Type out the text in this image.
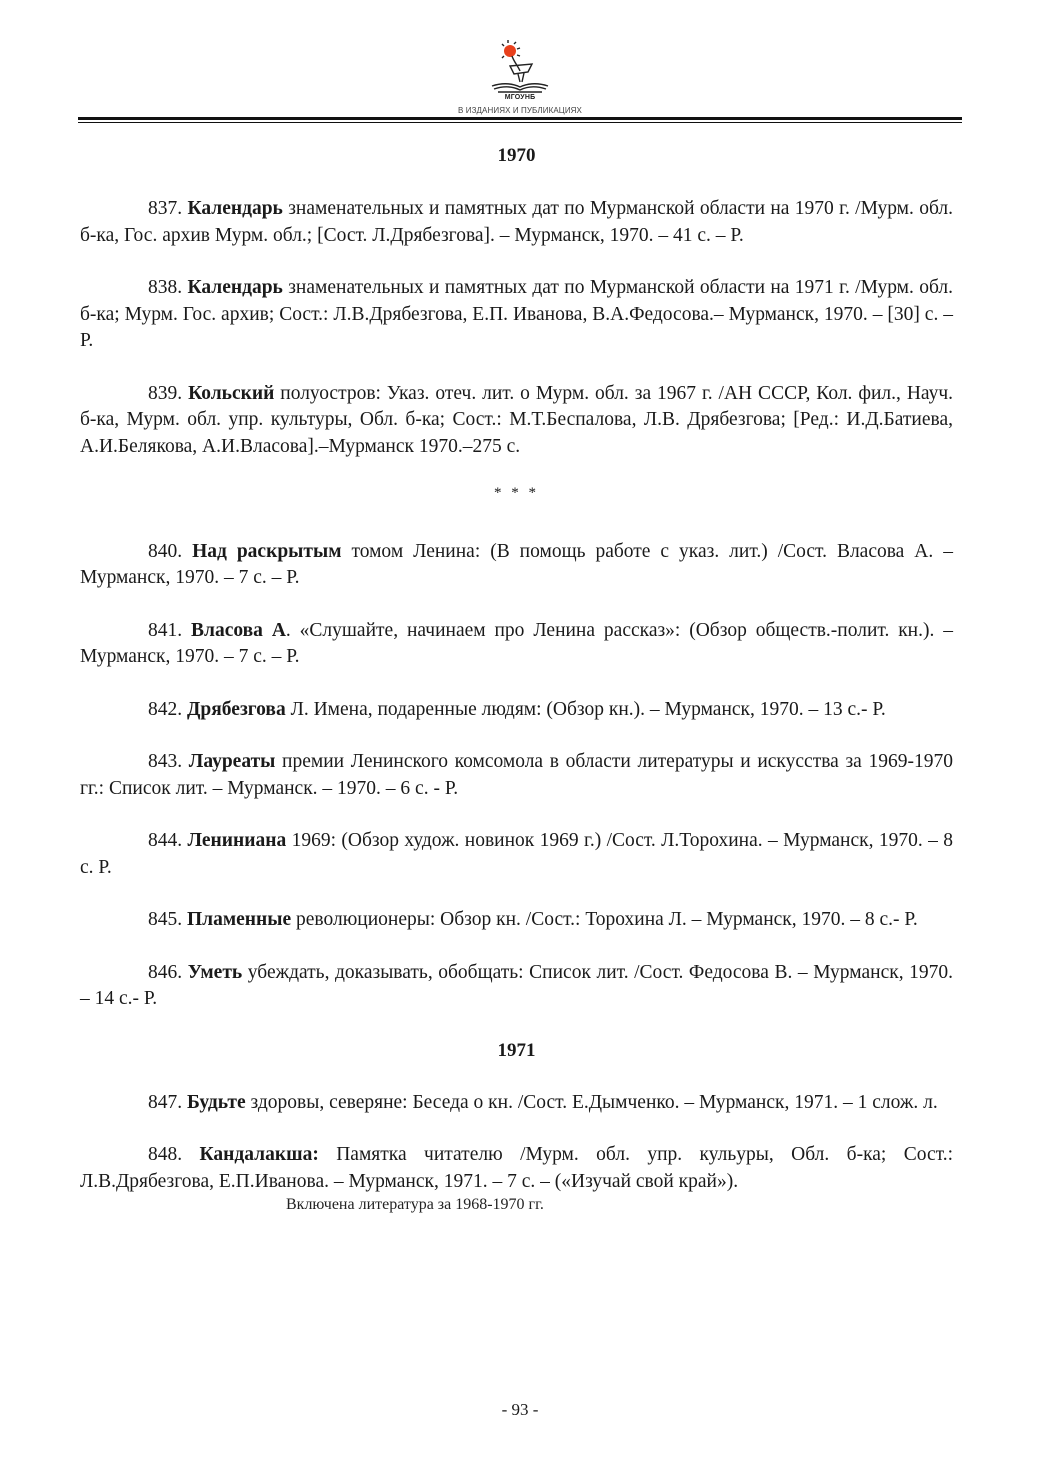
МГОУНБ
В ИЗДАНИЯХ И ПУБЛИКАЦИЯХ

1970

837. Календарь знаменательных и памятных дат по Мурманской области на 1970 г. /Мурм. обл. б-ка, Гос. архив Мурм. обл.; [Сост. Л.Дрябезгова]. – Мурманск, 1970. – 41 с. – Р.

838. Календарь знаменательных и памятных дат по Мурманской области на 1971 г. /Мурм. обл. б-ка; Мурм. Гос. архив; Сост.: Л.В.Дрябезгова, Е.П. Иванова, В.А.Федосова.– Мурманск, 1970. – [30] с. – Р.

839. Кольский полуостров: Указ. отеч. лит. о Мурм. обл. за 1967 г. /АН СССР, Кол. фил., Науч. б-ка, Мурм. обл. упр. культуры, Обл. б-ка; Сост.: М.Т.Беспалова, Л.В. Дрябезгова; [Ред.: И.Д.Батиева, А.И.Белякова, А.И.Власова].–Мурманск 1970.–275 с.

* * *

840. Над раскрытым томом Ленина: (В помощь работе с указ. лит.) /Сост. Власова А. – Мурманск, 1970. – 7 с. – Р.

841. Власова А. «Слушайте, начинаем про Ленина рассказ»: (Обзор обществ.-полит. кн.). – Мурманск, 1970. – 7 с. – Р.

842. Дрябезгова Л. Имена, подаренные людям: (Обзор кн.). – Мурманск, 1970. – 13 с.- Р.

843. Лауреаты премии Ленинского комсомола в области литературы и искусства за 1969-1970 гг.: Список лит. – Мурманск. – 1970. – 6 с. - Р.

844. Лениниана 1969: (Обзор худож. новинок 1969 г.) /Сост. Л.Торохина. – Мурманск, 1970. – 8 с. Р.

845. Пламенные революционеры: Обзор кн. /Сост.: Торохина Л. – Мурманск, 1970. – 8 с.- Р.

846. Уметь убеждать, доказывать, обобщать: Список лит. /Сост. Федосова В. – Мурманск, 1970. – 14 с.- Р.

1971

847. Будьте здоровы, северяне: Беседа о кн. /Сост. Е.Дымченко. – Мурманск, 1971. – 1 слож. л.

848. Кандалакша: Памятка читателю /Мурм. обл. упр. кульуры, Обл. б-ка; Сост.: Л.В.Дрябезгова, Е.П.Иванова. – Мурманск, 1971. – 7 с. – («Изучай свой край»).

Включена литература за 1968-1970 гг.

- 93 -
